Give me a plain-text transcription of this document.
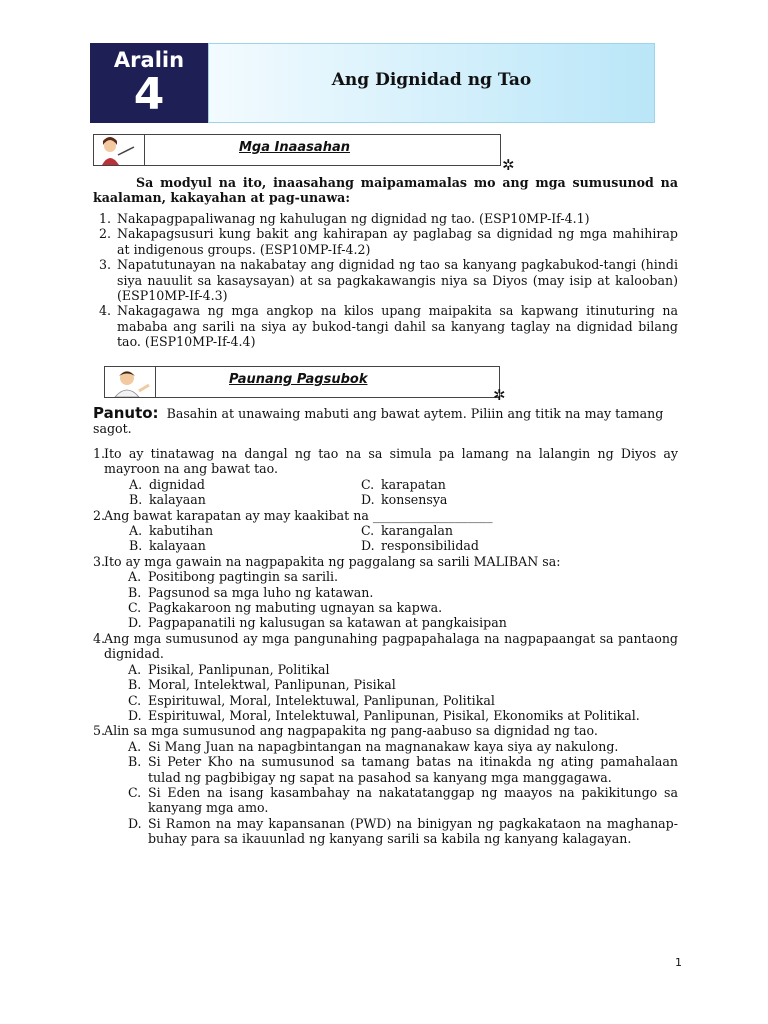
Aralin
4	Ang Dignidad ng Tao
Mga Inaasahan
✲
Sa modyul na ito, inaasahang maipamamalas mo ang mga sumusunod na kaalaman, kakayahan at pag-unawa:
1. Nakapagpapaliwanag ng kahulugan ng dignidad ng tao. (ESP10MP-If-4.1)
2. Nakapagsusuri kung bakit ang kahirapan ay paglabag sa dignidad ng mga mahihirap at indigenous groups. (ESP10MP-If-4.2)
3. Napatutunayan na nakabatay ang dignidad ng tao sa kanyang pagkabukod-tangi (hindi siya nauulit sa kasaysayan) at sa pagkakawangis niya sa Diyos (may isip at kalooban) (ESP10MP-If-4.3)
4. Nakagagawa ng mga angkop na kilos upang maipakita sa kapwang itinuturing na mababa ang sarili na siya ay bukod-tangi dahil sa kanyang taglay na dignidad bilang tao. (ESP10MP-If-4.4)
Paunang Pagsubok
✲
Panuto: Basahin at unawaing mabuti ang bawat aytem. Piliin ang titik na may tamang sagot.
1.
Ito ay tinatawag na dangal ng tao na sa simula pa lamang na lalangin ng Diyos ay mayroon na ang bawat tao.
A. dignidad	C. karapatan
B. kalayaan	D. konsensya
2.
Ang bawat karapatan ay may kaakibat na ___________________
A. kabutihan	C. karangalan
B. kalayaan	D. responsibilidad
3.
Ito ay mga gawain na nagpapakita ng paggalang sa sarili MALIBAN sa:
A. Positibong pagtingin sa sarili.
B. Pagsunod sa mga luho ng katawan.
C. Pagkakaroon ng mabuting ugnayan sa kapwa.
D. Pagpapanatili ng kalusugan sa katawan at pangkaisipan
4.
Ang mga sumusunod ay mga pangunahing pagpapahalaga na nagpapaangat sa pantaong dignidad.
A. Pisikal, Panlipunan, Politikal
B. Moral, Intelektwal, Panlipunan, Pisikal
C. Espirituwal, Moral, Intelektuwal, Panlipunan, Politikal
D. Espirituwal, Moral, Intelektuwal, Panlipunan, Pisikal, Ekonomiks at Politikal.
5.
Alin sa mga sumusunod ang nagpapakita ng pang-aabuso sa dignidad ng tao.
A. Si Mang Juan na napagbintangan na magnanakaw kaya siya ay nakulong.
B. Si Peter Kho na sumusunod sa tamang batas na itinakda ng ating pamahalaan tulad ng pagbibigay ng sapat na pasahod sa kanyang mga manggagawa.
C. Si Eden na isang kasambahay na nakatatanggap ng maayos na pakikitungo sa kanyang mga amo.
D. Si Ramon na may kapansanan (PWD) na binigyan ng pagkakataon na maghanap-buhay para sa ikauunlad ng kanyang sarili sa kabila ng kanyang kalagayan.
1
